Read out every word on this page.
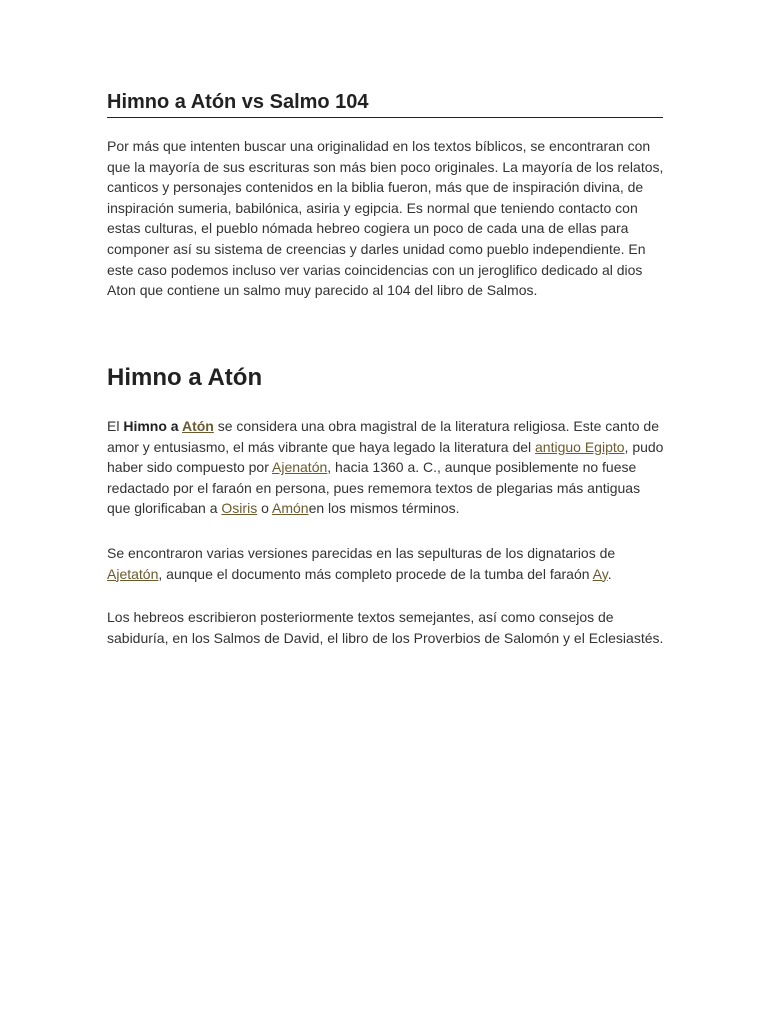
Himno a Atón vs Salmo 104

Por más que intenten buscar una originalidad en los textos bíblicos, se encontraran con que la mayoría de sus escrituras son más bien poco originales. La mayoría de los relatos, canticos y personajes contenidos en la biblia fueron, más que de inspiración divina, de inspiración sumeria, babilónica, asiria y egipcia. Es normal que teniendo contacto con estas culturas, el pueblo nómada hebreo cogiera un poco de cada una de ellas para componer así su sistema de creencias y darles unidad como pueblo independiente. En este caso podemos incluso ver varias coincidencias con un jeroglifico dedicado al dios Aton que contiene un salmo muy parecido al 104 del libro de Salmos.

Himno a Atón

El Himno a Atón se considera una obra magistral de la literatura religiosa. Este canto de amor y entusiasmo, el más vibrante que haya legado la literatura del antiguo Egipto, pudo haber sido compuesto por Ajenatón, hacia 1360 a. C., aunque posiblemente no fuese redactado por el faraón en persona, pues rememora textos de plegarias más antiguas que glorificaban a Osiris o Amónen los mismos términos.

Se encontraron varias versiones parecidas en las sepulturas de los dignatarios de Ajetatón, aunque el documento más completo procede de la tumba del faraón Ay.

Los hebreos escribieron posteriormente textos semejantes, así como consejos de sabiduría, en los Salmos de David, el libro de los Proverbios de Salomón y el Eclesiastés.
